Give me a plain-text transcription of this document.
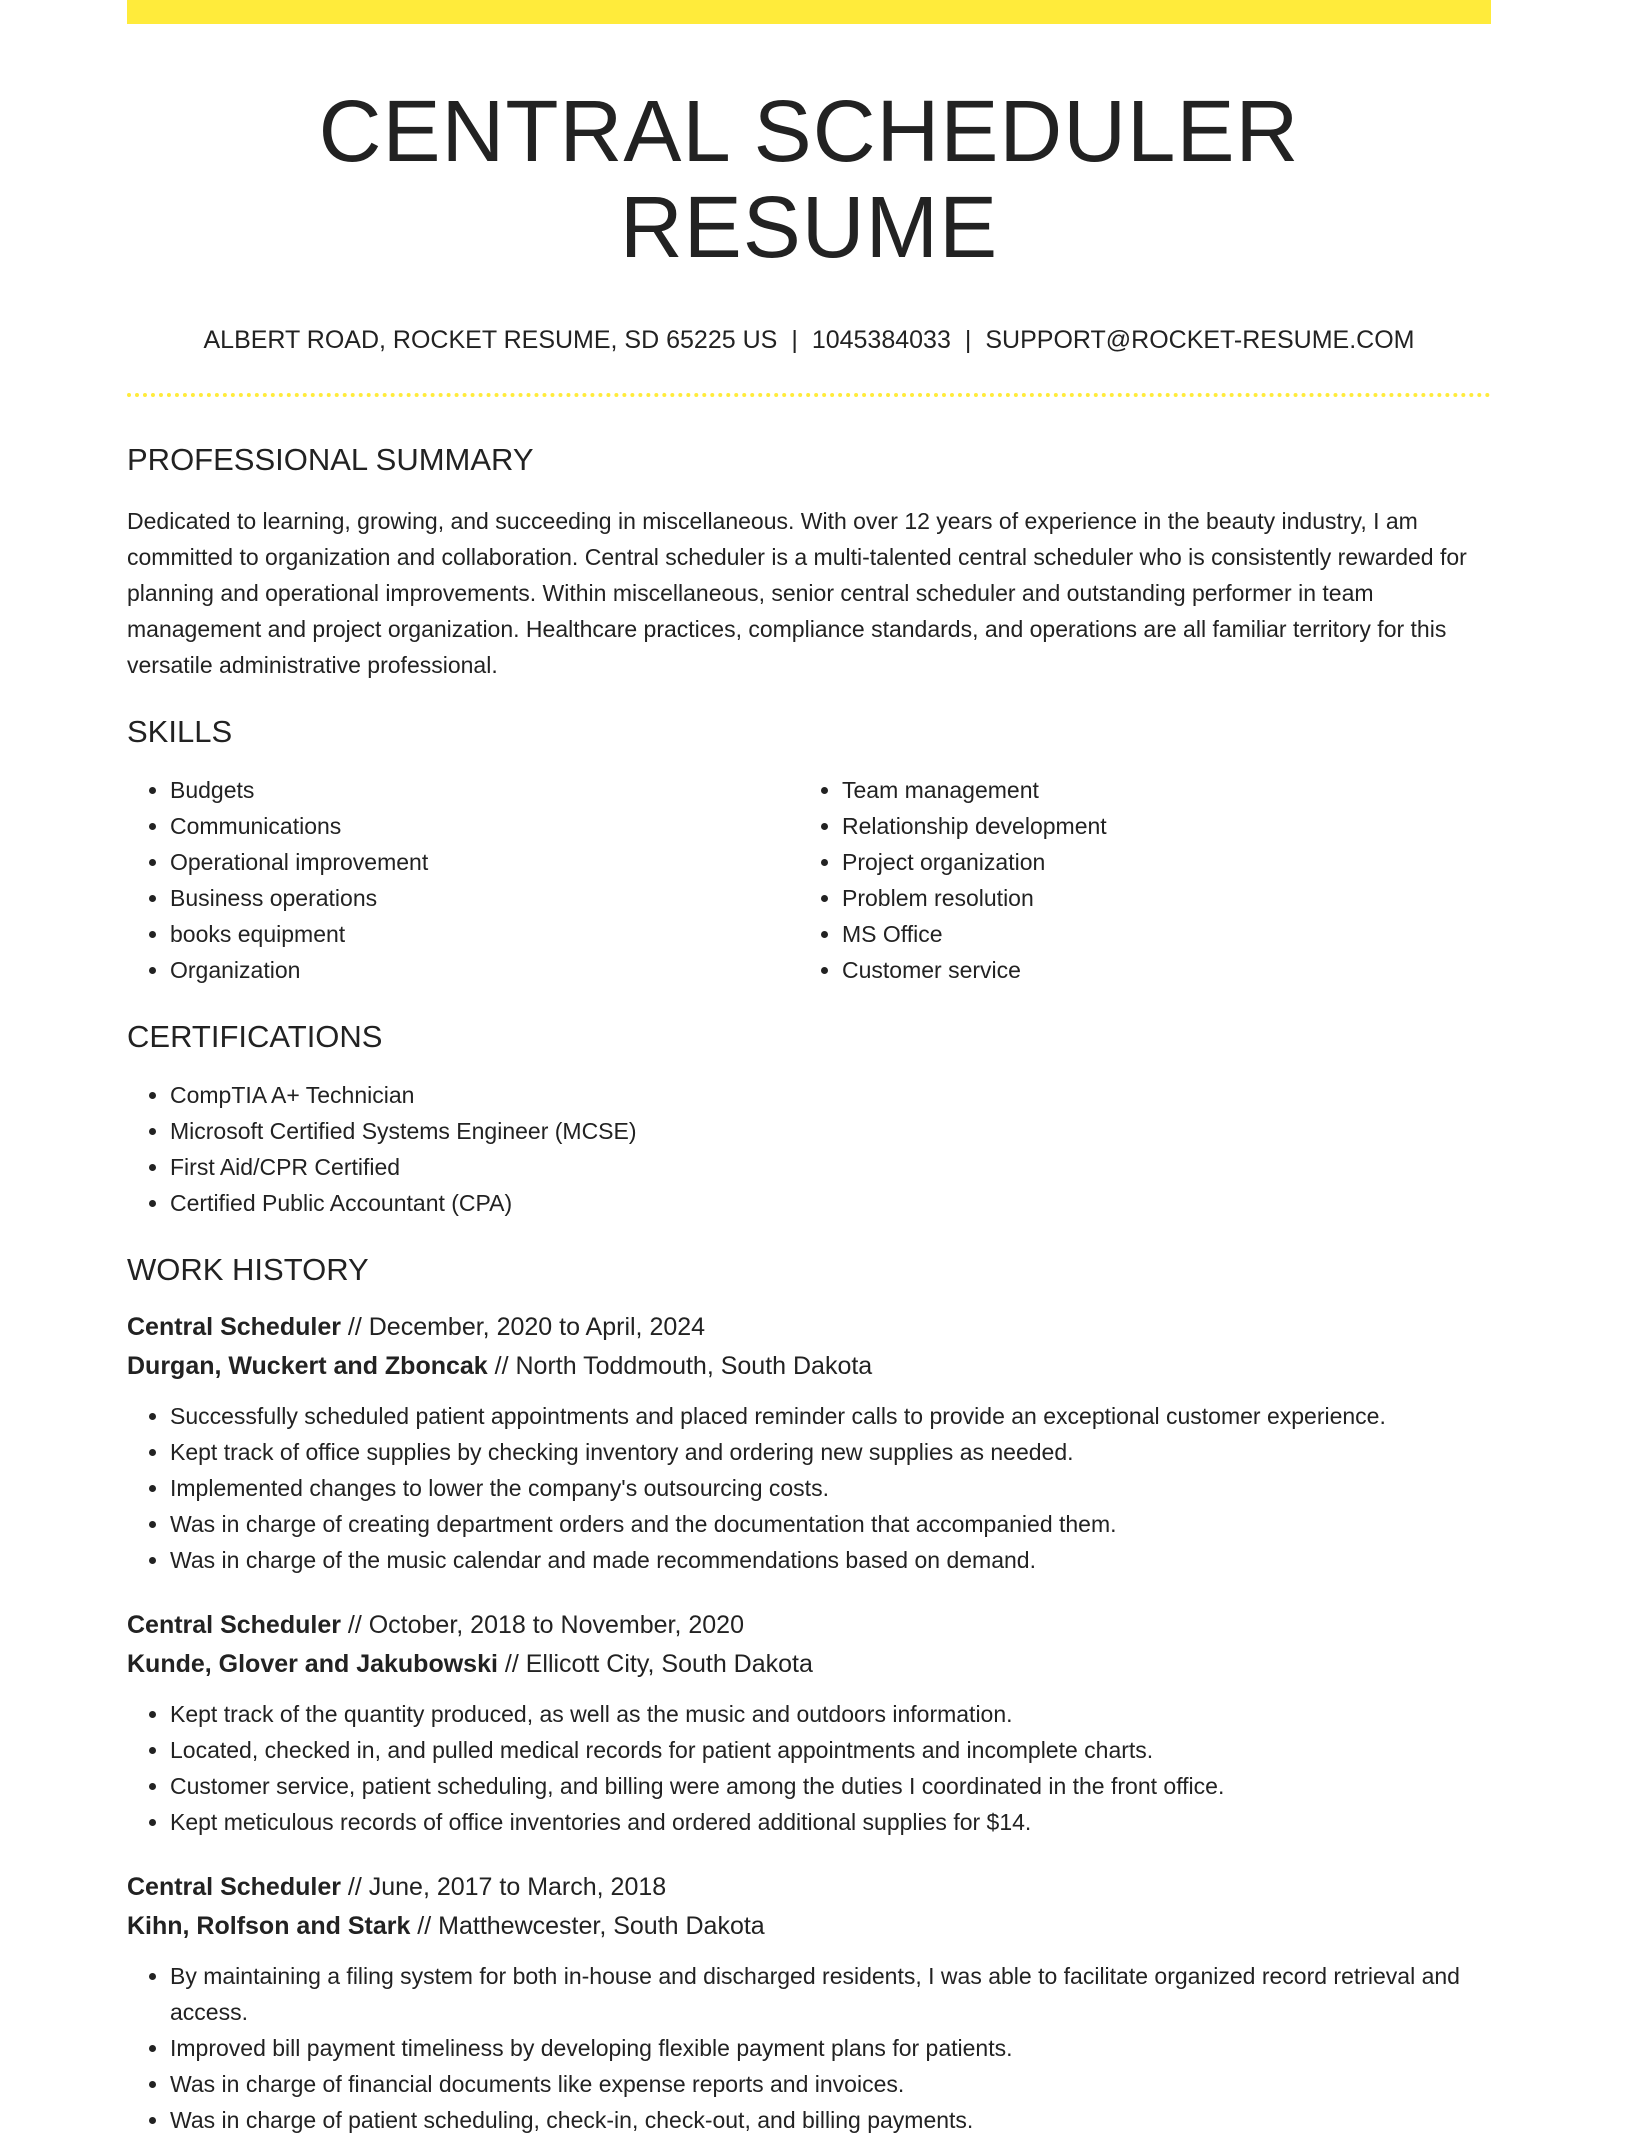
CENTRAL SCHEDULER RESUME
ALBERT ROAD, ROCKET RESUME, SD 65225 US | 1045384033 | SUPPORT@ROCKET-RESUME.COM
PROFESSIONAL SUMMARY
Dedicated to learning, growing, and succeeding in miscellaneous. With over 12 years of experience in the beauty industry, I am committed to organization and collaboration. Central scheduler is a multi-talented central scheduler who is consistently rewarded for planning and operational improvements. Within miscellaneous, senior central scheduler and outstanding performer in team management and project organization. Healthcare practices, compliance standards, and operations are all familiar territory for this versatile administrative professional.
SKILLS
• Budgets
• Communications
• Operational improvement
• Business operations
• books equipment
• Organization
• Team management
• Relationship development
• Project organization
• Problem resolution
• MS Office
• Customer service
CERTIFICATIONS
• CompTIA A+ Technician
• Microsoft Certified Systems Engineer (MCSE)
• First Aid/CPR Certified
• Certified Public Accountant (CPA)
WORK HISTORY
Central Scheduler // December, 2020 to April, 2024
Durgan, Wuckert and Zboncak // North Toddmouth, South Dakota
• Successfully scheduled patient appointments and placed reminder calls to provide an exceptional customer experience.
• Kept track of office supplies by checking inventory and ordering new supplies as needed.
• Implemented changes to lower the company's outsourcing costs.
• Was in charge of creating department orders and the documentation that accompanied them.
• Was in charge of the music calendar and made recommendations based on demand.
Central Scheduler // October, 2018 to November, 2020
Kunde, Glover and Jakubowski // Ellicott City, South Dakota
• Kept track of the quantity produced, as well as the music and outdoors information.
• Located, checked in, and pulled medical records for patient appointments and incomplete charts.
• Customer service, patient scheduling, and billing were among the duties I coordinated in the front office.
• Kept meticulous records of office inventories and ordered additional supplies for $14.
Central Scheduler // June, 2017 to March, 2018
Kihn, Rolfson and Stark // Matthewcester, South Dakota
• By maintaining a filing system for both in-house and discharged residents, I was able to facilitate organized record retrieval and access.
• Improved bill payment timeliness by developing flexible payment plans for patients.
• Was in charge of financial documents like expense reports and invoices.
• Was in charge of patient scheduling, check-in, check-out, and billing payments.
